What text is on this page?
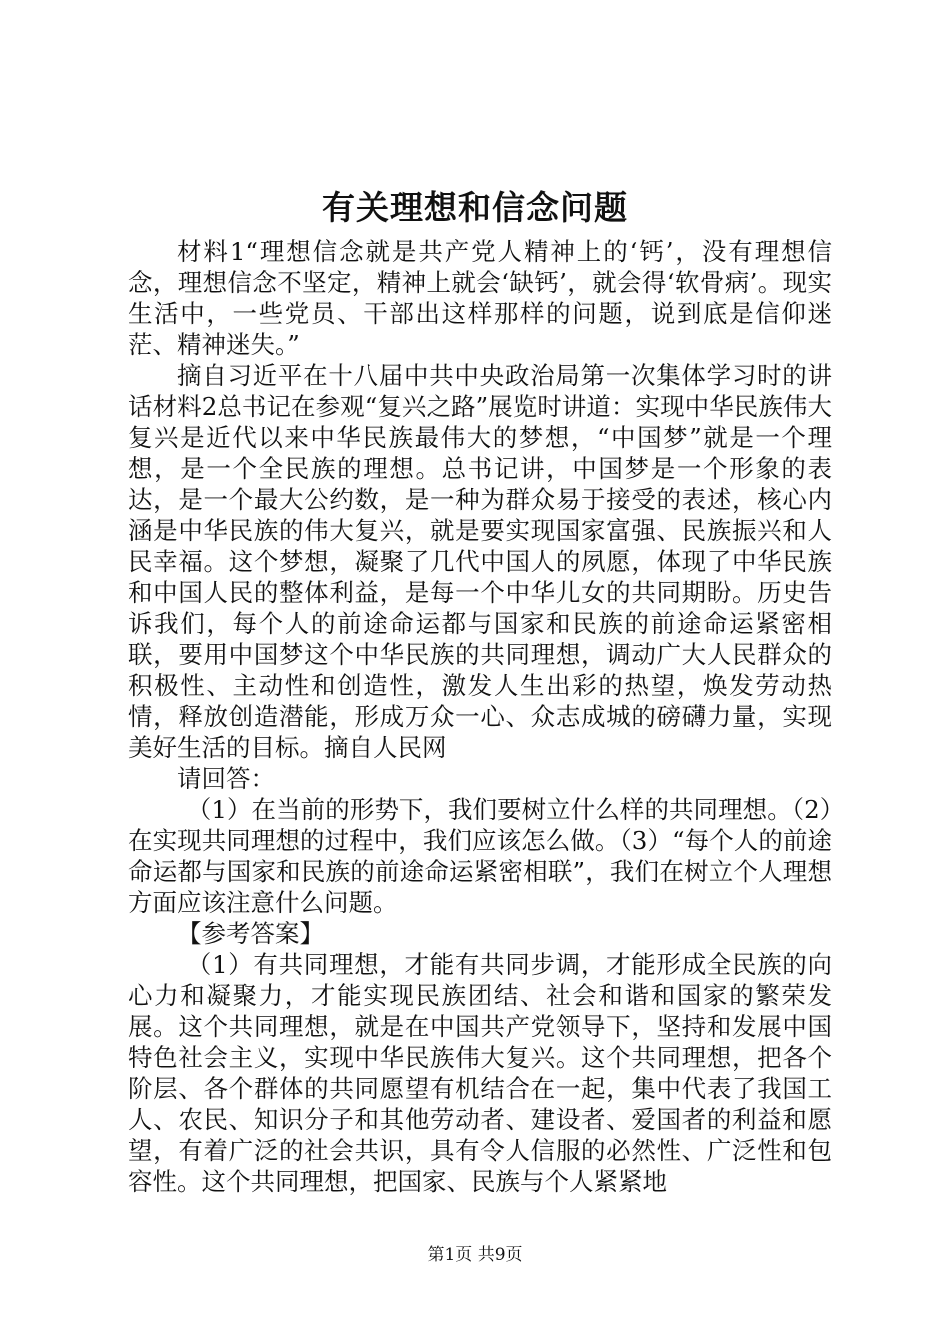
有关理想和信念问题

材料1“理想信念就是共产党人精神上的‘钙’，没有理想信念，理想信念不坚定，精神上就会‘缺钙’，就会得‘软骨病’。现实生活中，一些党员、干部出这样那样的问题，说到底是信仰迷茫、精神迷失。”

摘自习近平在十八届中共中央政治局第一次集体学习时的讲话材料2总书记在参观“复兴之路”展览时讲道：实现中华民族伟大复兴是近代以来中华民族最伟大的梦想，“中国梦”就是一个理想，是一个全民族的理想。总书记讲，中国梦是一个形象的表达，是一个最大公约数，是一种为群众易于接受的表述，核心内涵是中华民族的伟大复兴，就是要实现国家富强、民族振兴和人民幸福。这个梦想，凝聚了几代中国人的夙愿，体现了中华民族和中国人民的整体利益，是每一个中华儿女的共同期盼。历史告诉我们，每个人的前途命运都与国家和民族的前途命运紧密相联，要用中国梦这个中华民族的共同理想，调动广大人民群众的积极性、主动性和创造性，激发人生出彩的热望，焕发劳动热情，释放创造潜能，形成万众一心、众志成城的磅礴力量，实现美好生活的目标。摘自人民网

请回答：

（1）在当前的形势下，我们要树立什么样的共同理想。（2）在实现共同理想的过程中，我们应该怎么做。（3）“每个人的前途命运都与国家和民族的前途命运紧密相联”，我们在树立个人理想方面应该注意什么问题。

【参考答案】

（1）有共同理想，才能有共同步调，才能形成全民族的向心力和凝聚力，才能实现民族团结、社会和谐和国家的繁荣发展。这个共同理想，就是在中国共产党领导下，坚持和发展中国特色社会主义，实现中华民族伟大复兴。这个共同理想，把各个阶层、各个群体的共同愿望有机结合在一起，集中代表了我国工人、农民、知识分子和其他劳动者、建设者、爱国者的利益和愿望，有着广泛的社会共识，具有令人信服的必然性、广泛性和包容性。这个共同理想，把国家、民族与个人紧紧地

第1页 共9页
